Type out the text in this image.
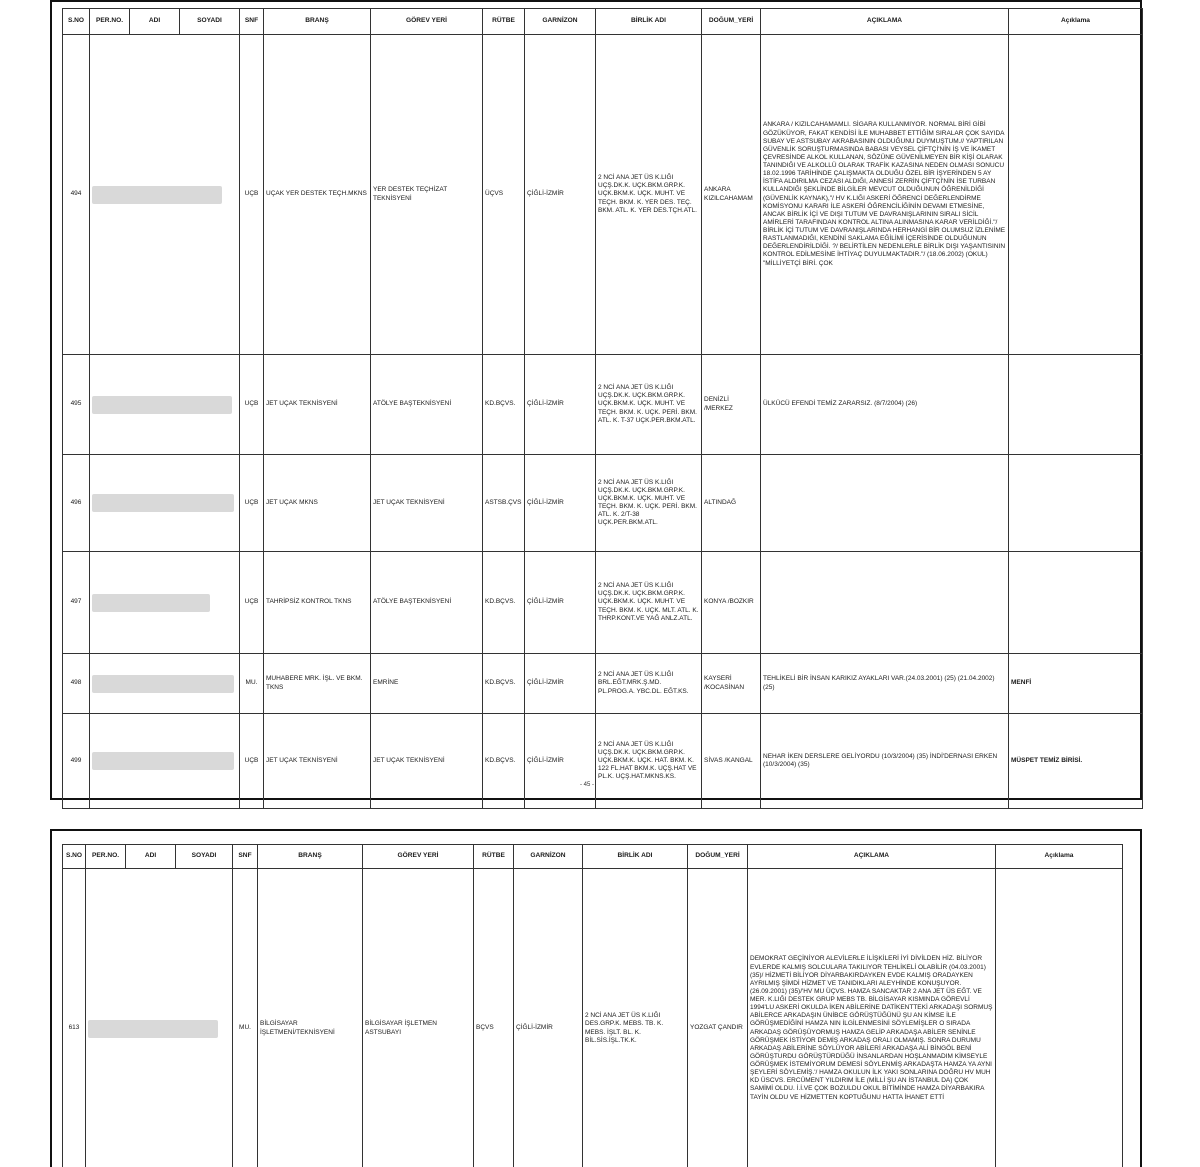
S.NO	PER.NO.	ADI	SOYADI	SNF	BRANŞ	GÖREV YERİ	RÜTBE	GARNİZON	BİRLİK ADI	DOĞUM_YERİ	AÇIKLAMA	Açıklama
494				UÇB	UÇAK YER DESTEK TEÇH.MKNS	YER DESTEK TEÇHİZAT TEKNİSYENİ	ÜÇVS	ÇİĞLİ-İZMİR	2 NCİ ANA JET ÜS K.LIĞI UÇŞ.DK.K. UÇK.BKM.GRP.K. UÇK.BKM.K. UÇK. MUHT. VE TEÇH. BKM. K. YER DES. TEÇ. BKM. ATL. K. YER DES.TÇH.ATL.	ANKARA KIZILCAHAMAM	ANKARA / KIZILCAHAMAMLI. SİGARA KULLANMIYOR. NORMAL BİRİ GİBİ GÖZÜKÜYOR, FAKAT KENDİSİ İLE MUHABBET ETTİĞİM SIRALAR ÇOK SAYIDA SUBAY VE ASTSUBAY AKRABASININ OLDUĞUNU DUYMUŞTUM.// YAPTIRILAN GÜVENLİK SORUŞTURMASINDA BABASI VEYSEL ÇİFTÇİ'NİN İŞ VE İKAMET ÇEVRESİNDE ALKOL KULLANAN, SÖZÜNE GÜVENİLMEYEN BİR KİŞİ OLARAK TANINDIĞI VE ALKOLLÜ OLARAK TRAFİK KAZASINA NEDEN OLMASI SONUCU 18.02.1996 TARİHİNDE ÇALIŞMAKTA OLDUĞU ÖZEL BİR İŞYERİNDEN 5 AY İSTİFA ALDIRILMA CEZASI ALDIĞI, ANNESİ ZERRİN ÇİFTÇİ'NİN İSE TURBAN KULLANDIĞI ŞEKLİNDE BİLGİLER MEVCUT OLDUĞUNUN ÖĞRENİLDİĞİ (GÜVENLİK KAYNAK),"/ HV K.LIĞI ASKERİ ÖĞRENCİ DEĞERLENDİRME KOMİSYONU KARARI İLE ASKERİ ÖĞRENCİLİĞİNİN DEVAMI ETMESİNE, ANCAK BİRLİK İÇİ VE DIŞI TUTUM VE DAVRANIŞLARININ SIRALI SİCİL AMİRLERİ TARAFINDAN KONTROL ALTINA ALINMASINA KARAR VERİLDİĞİ."/ BİRLİK İÇİ TUTUM VE DAVRANIŞLARINDA HERHANGİ BİR OLUMSUZ İZLENİME RASTLANMADIĞI, KENDİNİ SAKLAMA EĞİLİMİ İÇERİSİNDE OLDUĞUNUN DEĞERLENDİRİLDİĞİ. ?/ BELİRTİLEN NEDENLERLE BİRLİK DIŞI YAŞANTISININ KONTROL EDİLMESİNE İHTİYAÇ DUYULMAKTADIR."/ (18.06.2002) (OKUL) "MİLLİYETÇİ BİRİ. ÇOK	
495				UÇB	JET UÇAK TEKNİSYENİ	ATÖLYE BAŞTEKNİSYENİ	KD.BÇVS.	ÇİĞLİ-İZMİR	2 NCİ ANA JET ÜS K.LIĞI UÇŞ.DK.K. UÇK.BKM.GRP.K. UÇK.BKM.K. UÇK. MUHT. VE TEÇH. BKM. K. UÇK. PERİ. BKM. ATL. K. T-37 UÇK.PER.BKM.ATL.	DENİZLİ /MERKEZ	ÜLKÜCÜ EFENDİ TEMİZ ZARARSIZ. (8/7/2004) (26)	
496				UÇB	JET UÇAK MKNS	JET UÇAK TEKNİSYENİ	ASTSB.ÇVS	ÇİĞLİ-İZMİR	2 NCİ ANA JET ÜS K.LIĞI UÇŞ.DK.K. UÇK.BKM.GRP.K. UÇK.BKM.K. UÇK. MUHT. VE TEÇH. BKM. K. UÇK. PERİ. BKM. ATL. K. 2/T-38 UÇK.PER.BKM.ATL.	ALTINDAĞ		
497				UÇB	TAHRİPSİZ KONTROL TKNS	ATÖLYE BAŞTEKNİSYENİ	KD.BÇVS.	ÇİĞLİ-İZMİR	2 NCİ ANA JET ÜS K.LIĞI UÇŞ.DK.K. UÇK.BKM.GRP.K. UÇK.BKM.K. UÇK. MUHT. VE TEÇH. BKM. K. UÇK. MLT. ATL. K. THRP.KONT.VE YAĞ ANLZ.ATL.	KONYA /BOZKIR		
498				MU.	MUHABERE MRK. İŞL. VE BKM. TKNS	EMRİNE	KD.BÇVS.	ÇİĞLİ-İZMİR	2 NCİ ANA JET ÜS K.LIĞI BRL.EĞT.MRK.Ş.MD. PL.PROG.A. YBC.DL. EĞT.KS.	KAYSERİ /KOCASİNAN	TEHLİKELİ BİR İNSAN KARIKIZ AYAKLARI VAR.(24.03.2001) (25) (21.04.2002) (25)	MENFİ
499				UÇB	JET UÇAK TEKNİSYENİ	JET UÇAK TEKNİSYENİ	KD.BÇVS.	ÇİĞLİ-İZMİR	2 NCİ ANA JET ÜS K.LIĞI UÇŞ.DK.K. UÇK.BKM.GRP.K. UÇK.BKM.K. UÇK. HAT. BKM. K. 122 FL.HAT BKM.K. UÇŞ.HAT VE PL.K. UÇŞ.HAT.MKNS.KS.	SİVAS /KANGAL	NEHAR İKEN DERSLERE GELİYORDU (10/3/2004) (35) İNDİ'DERNASI ERKEN (10/3/2004) (35)	MÜSPET TEMİZ BİRİSİ.
- 45 -
S.NO	PER.NO.	ADI	SOYADI	SNF	BRANŞ	GÖREV YERİ	RÜTBE	GARNİZON	BİRLİK ADI	DOĞUM_YERİ	AÇIKLAMA	Açıklama
613				MU.	BİLGİSAYAR İŞLETMENİ/TEKNİSYENİ	BİLGİSAYAR İŞLETMEN ASTSUBAYI	BÇVS	ÇİĞLİ-İZMİR	2 NCİ ANA JET ÜS K.LIĞI DES.GRP.K. MEBS. TB. K. MEBS. İŞLT. BL. K. BİL.SİS.İŞL.TK.K.	YOZGAT ÇANDIR	DEMOKRAT GEÇİNİYOR ALEVİLERLE İLİŞKİLERİ İYİ DİVİLDEN HİZ. BİLİYOR EVLERDE KALMIŞ SOLCULARA TAKILIYOR TEHLİKELİ OLABİLİR (04.03.2001) (35)/ HİZMETİ BİLİYOR DİYARBAKIRDAYKEN EVDE KALMIŞ ORADAYKEN AYRILMIŞ ŞİMDİ HİZMET VE TANIDIKLARI ALEYHİNDE KONUŞUYOR. (26.09.2001) (35)/'HV MU ÜÇVS. HAMZA SANCAKTAR 2 ANA JET ÜS EĞT. VE MER. K.LIĞI DESTEK GRUP MEBS TB. BİLGİSAYAR KISMINDA GÖREVLİ 1994'LU ASKERİ OKULDA İKEN ABİLERİNE DATİKENTTEKİ ARKADAŞI SORMUŞ ABİLERCE ARKADAŞIN ÜNİBCE GÖRÜŞTÜĞÜNÜ ŞU AN KİMSE İLE GÖRÜŞMEDİĞİNİ HAMZA NIN İLGİLENMESİNİ SÖYLEMİŞLER O SIRADA ARKADAŞ GÖRÜŞÜYORMUŞ HAMZA GELİP ARKADAŞA ABİLER SENİNLE GÖRÜŞMEK İSTİYOR DEMİŞ ARKADAŞ ORALI OLMAMIŞ. SONRA DURUMU ARKADAŞ ABİLERİNE SÖYLÜYOR ABİLERİ ARKADAŞA ALİ BİNGÖL BENİ GÖRÜŞTURDU GÖRÜŞTÜRDÜĞÜ İNSANLARDAN HOŞLANMADIM KİMSEYLE GÖRÜŞMEK İSTEMİYORUM DEMESİ SÖYLENMİŞ ARKADAŞTA HAMZA YA AYNI ŞEYLERİ SÖYLEMİŞ.'/ HAMZA OKULUN İLK YAKI SONLARINA DOĞRU HV MUH KD ÜSCVS. ERCÜMENT YILDIRIM İLE (MİLLİ ŞU AN İSTANBUL DA) ÇOK SAMİMİ OLDU. İ.İ.VE ÇOK BOZULDU OKUL BİTİMİNDE HAMZA DİYARBAKIRA TAYİN OLDU VE HİZMETTEN KOPTUĞUNU HATTA İHANET ETTİ	
